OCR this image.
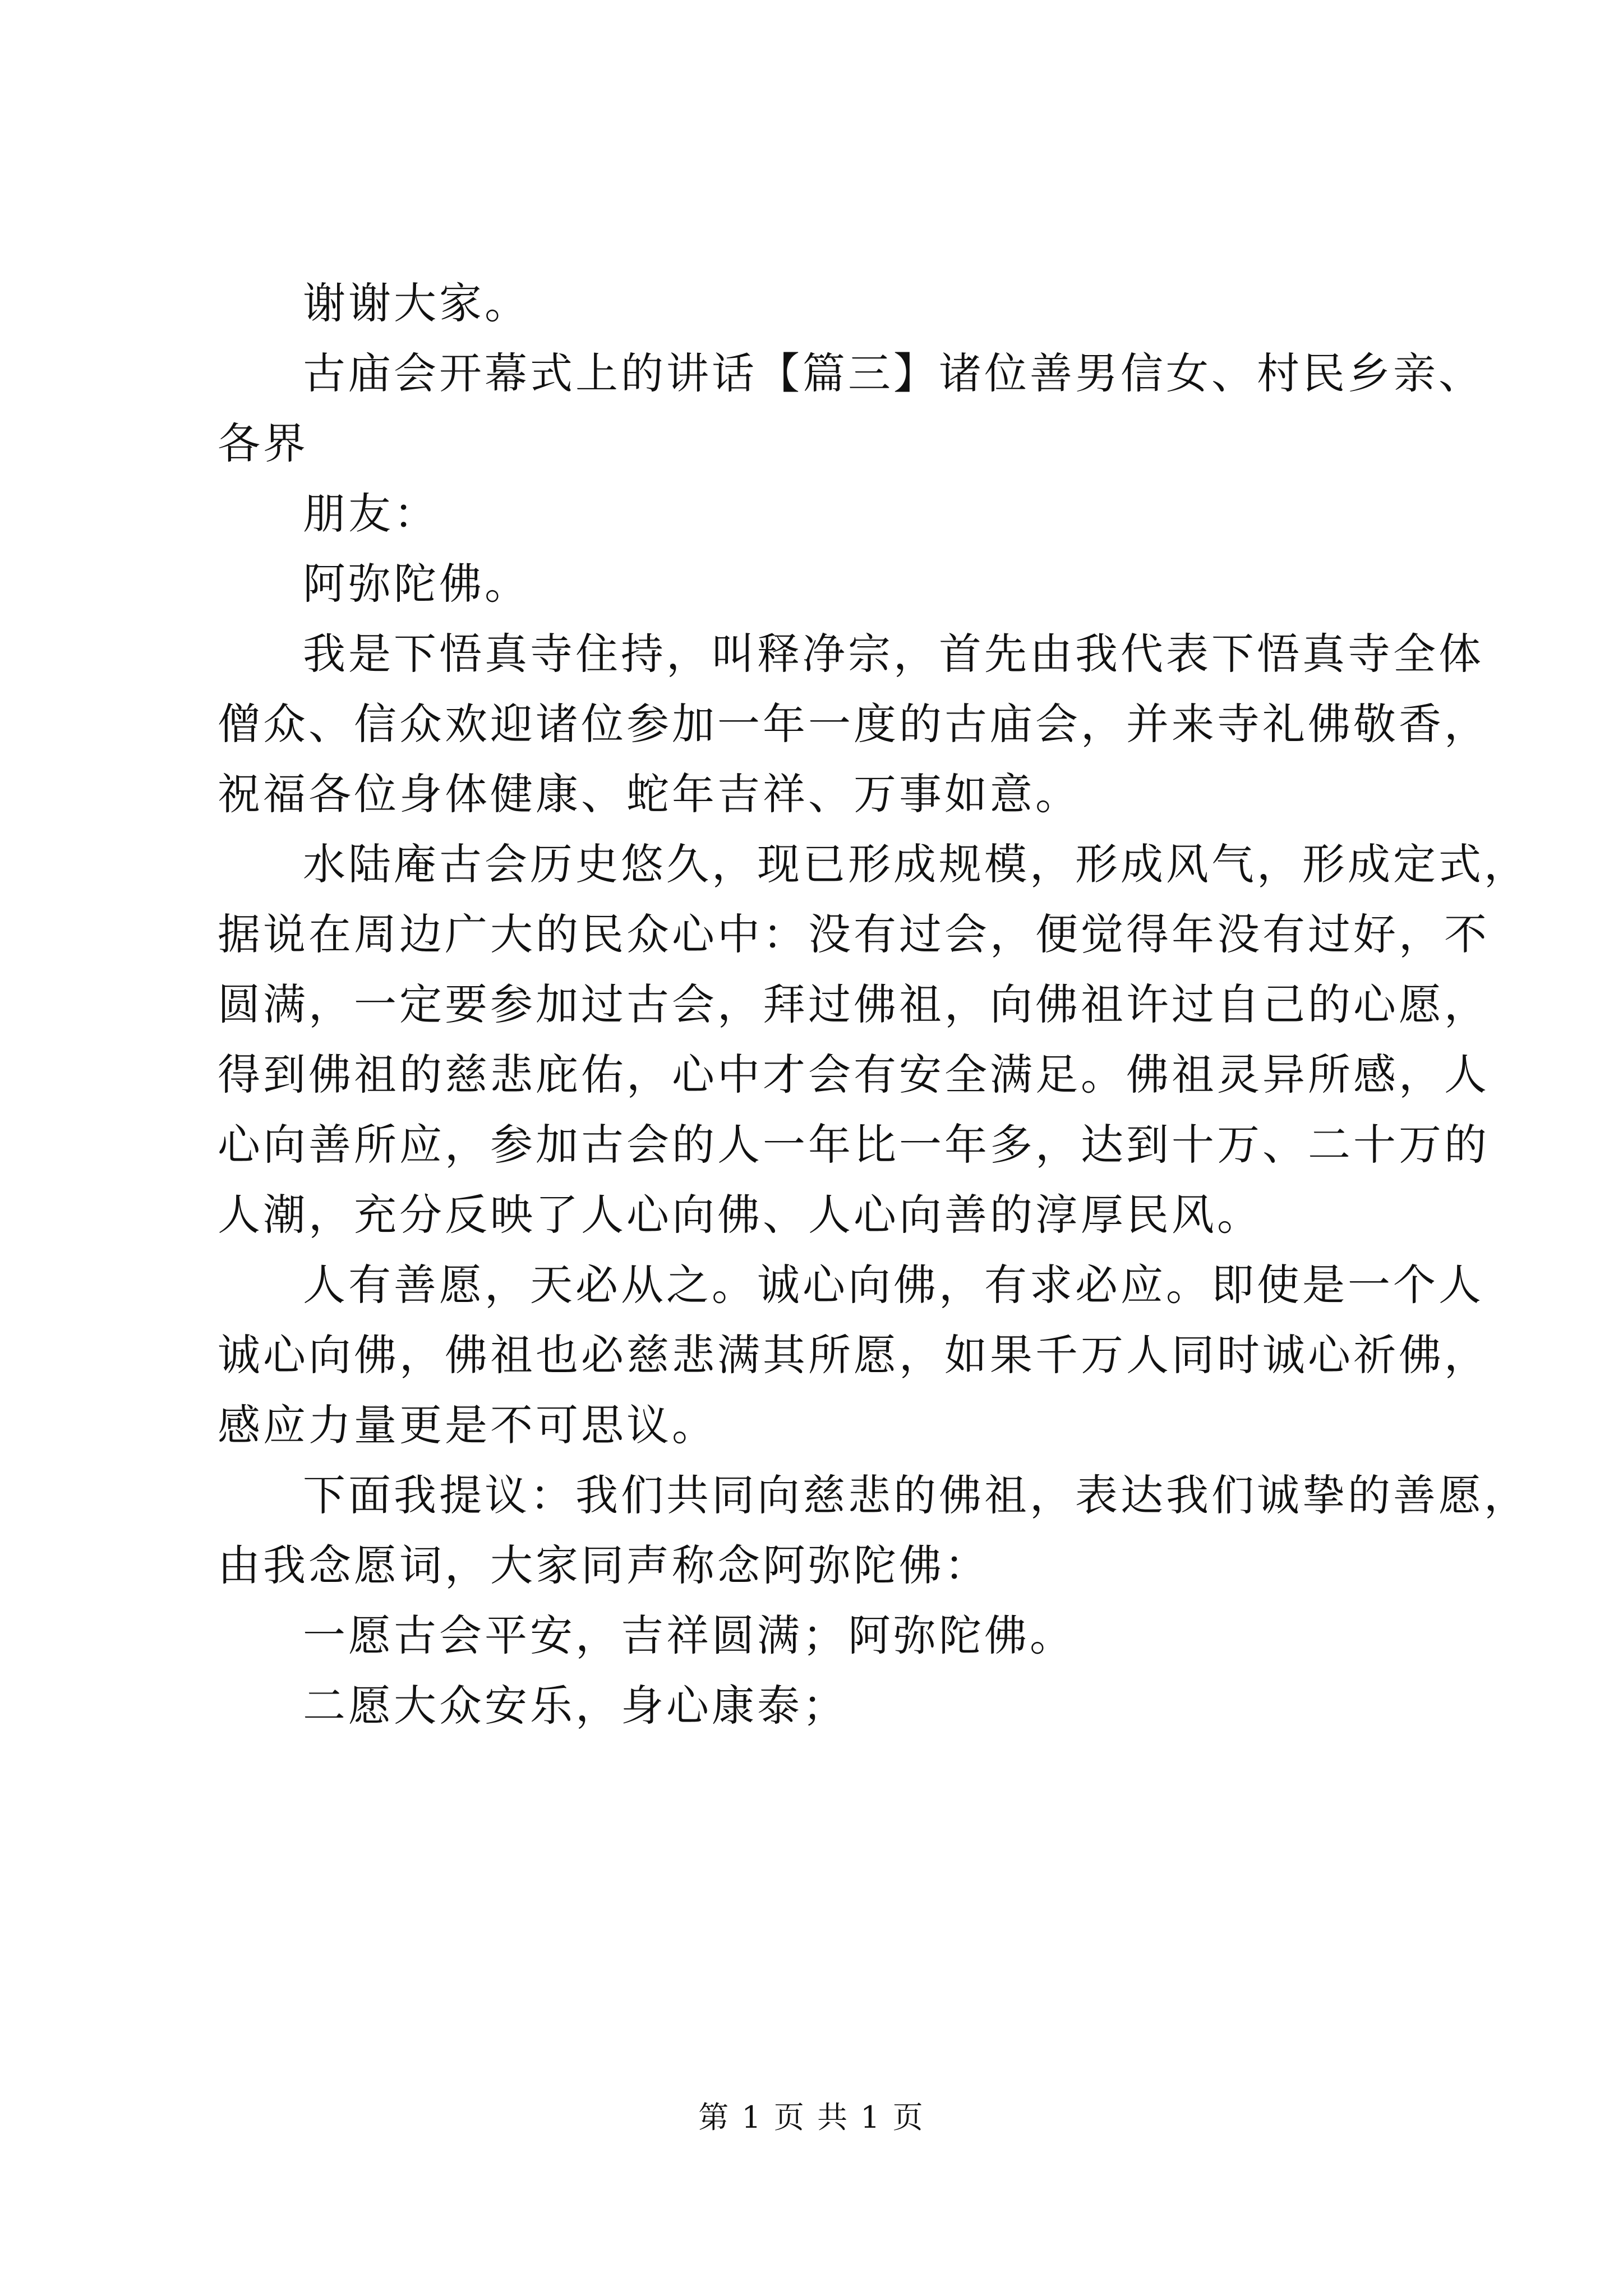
谢谢大家。

古庙会开幕式上的讲话【篇三】诸位善男信女、村民乡亲、
各界

朋友：

阿弥陀佛。

我是下悟真寺住持，叫释净宗，首先由我代表下悟真寺全体
僧众、信众欢迎诸位参加一年一度的古庙会，并来寺礼佛敬香，
祝福各位身体健康、蛇年吉祥、万事如意。

水陆庵古会历史悠久，现已形成规模，形成风气，形成定式，
据说在周边广大的民众心中：没有过会，便觉得年没有过好，不
圆满，一定要参加过古会，拜过佛祖，向佛祖许过自己的心愿，
得到佛祖的慈悲庇佑，心中才会有安全满足。佛祖灵异所感，人
心向善所应，参加古会的人一年比一年多，达到十万、二十万的
人潮，充分反映了人心向佛、人心向善的淳厚民风。

人有善愿，天必从之。诚心向佛，有求必应。即使是一个人
诚心向佛，佛祖也必慈悲满其所愿，如果千万人同时诚心祈佛，
感应力量更是不可思议。

下面我提议：我们共同向慈悲的佛祖，表达我们诚挚的善愿，
由我念愿词，大家同声称念阿弥陀佛：

一愿古会平安，吉祥圆满；阿弥陀佛。

二愿大众安乐，身心康泰；

第 1 页 共 1 页
